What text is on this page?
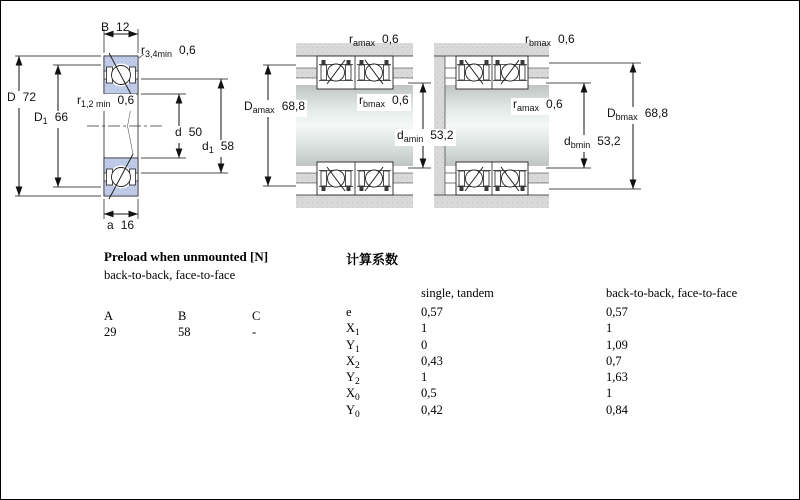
B 12
$r_{3,4min}$ 0,6
D 72
$D_1$ 66
$r_{1,2 min}$ 0,6
d 50
$d_1$ 58
a 16
$r_{amax}$ 0,6
$D_{amax}$ 68,8	$r_{bmax}$ 0,6
$d_{amin}$ 53,2
$r_{bmax}$ 0,6
$r_{amax}$ 0,6
$d_{bmin}$ 53,2
$D_{bmax}$ 68,8
Preload when unmounted [N]
back-to-back, face-to-face
A	B	C
29	58	-
计算系数
single, tandem	back-to-back, face-to-face
e	0,57	0,57
$X_1$	1	1
$Y_1$	0	1,09
$X_2$	0,43	0,7
$Y_2$	1	1,63
$X_0$	0,5	1
$Y_0$	0,42	0,84
